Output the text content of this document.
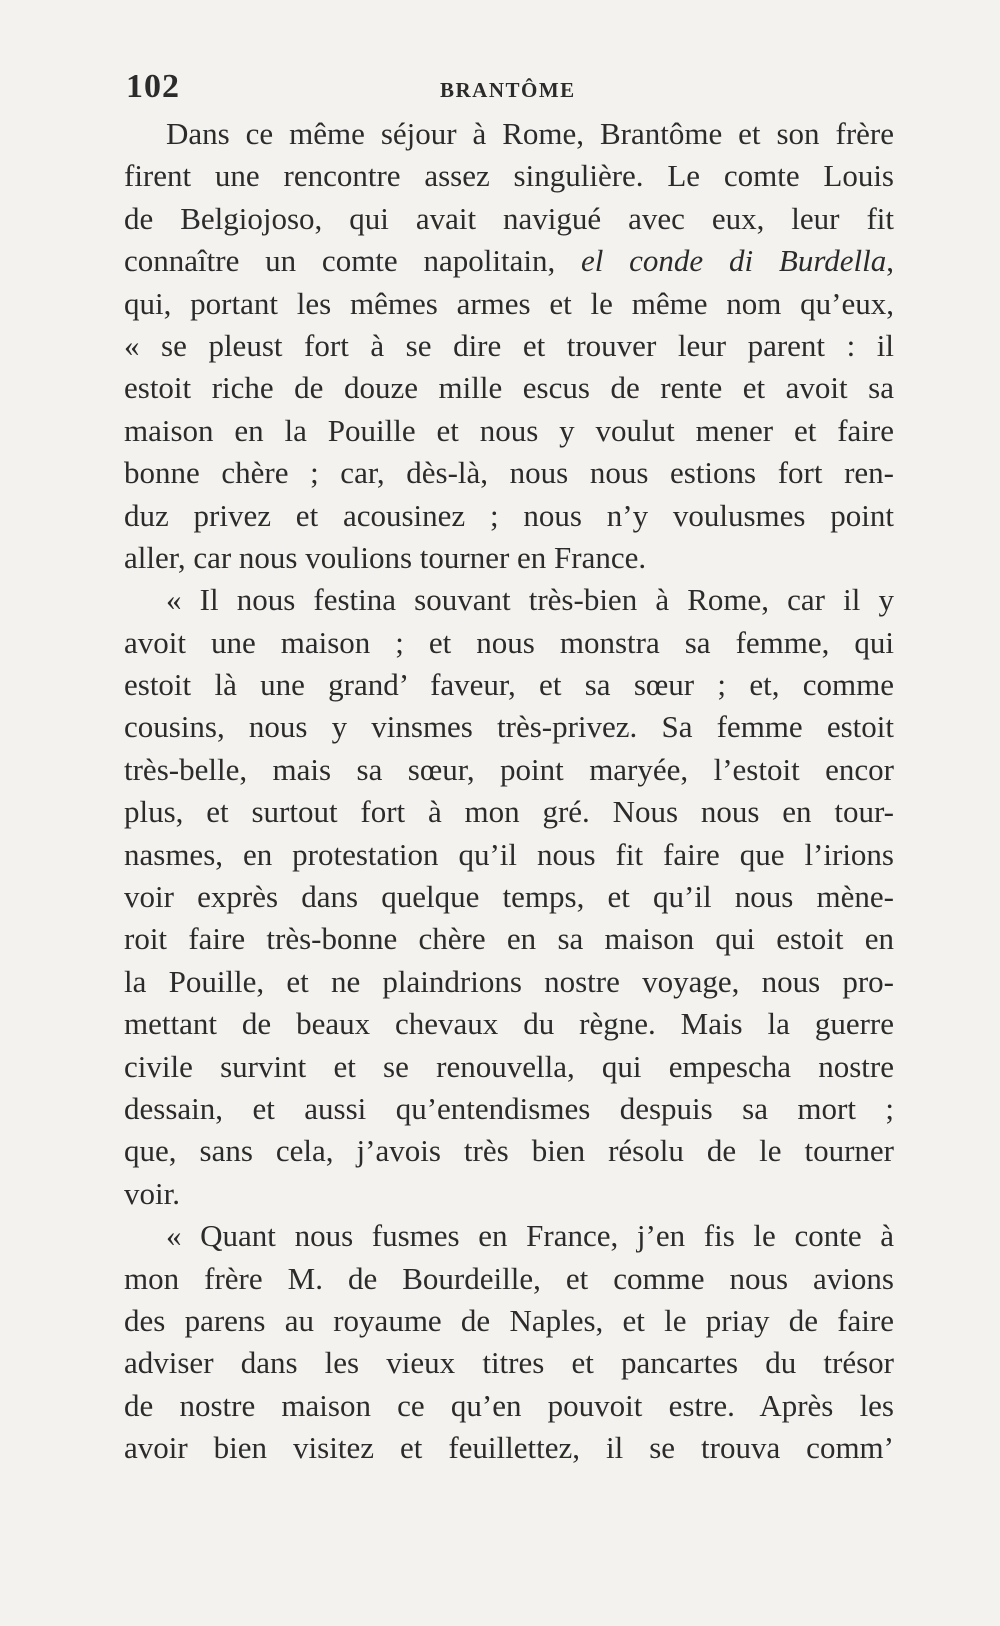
102	BRANTÔME
Dans ce même séjour à Rome, Brantôme et son frère
firent une rencontre assez singulière. Le comte Louis
de Belgiojoso, qui avait navigué avec eux, leur fit
connaître un comte napolitain, el conde di Burdella,
qui, portant les mêmes armes et le même nom qu’eux,
« se pleust fort à se dire et trouver leur parent : il
estoit riche de douze mille escus de rente et avoit sa
maison en la Pouille et nous y voulut mener et faire
bonne chère ; car, dès-là, nous nous estions fort ren-
duz privez et acousinez ; nous n’y voulusmes point
aller, car nous voulions tourner en France.
« Il nous festina souvant très-bien à Rome, car il y
avoit une maison ; et nous monstra sa femme, qui
estoit là une grand’ faveur, et sa sœur ; et, comme
cousins, nous y vinsmes très-privez. Sa femme estoit
très-belle, mais sa sœur, point maryée, l’estoit encor
plus, et surtout fort à mon gré. Nous nous en tour-
nasmes, en protestation qu’il nous fit faire que l’irions
voir exprès dans quelque temps, et qu’il nous mène-
roit faire très-bonne chère en sa maison qui estoit en
la Pouille, et ne plaindrions nostre voyage, nous pro-
mettant de beaux chevaux du règne. Mais la guerre
civile survint et se renouvella, qui empescha nostre
dessain, et aussi qu’entendismes despuis sa mort ;
que, sans cela, j’avois très bien résolu de le tourner
voir.
« Quant nous fusmes en France, j’en fis le conte à
mon frère M. de Bourdeille, et comme nous avions
des parens au royaume de Naples, et le priay de faire
adviser dans les vieux titres et pancartes du trésor
de nostre maison ce qu’en pouvoit estre. Après les
avoir bien visitez et feuillettez, il se trouva comm’
